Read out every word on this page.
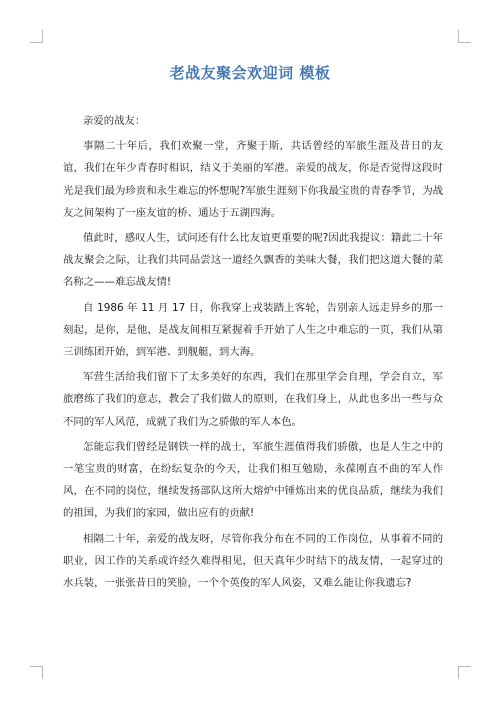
老战友聚会欢迎词 模板

亲爱的战友：

事隔二十年后，我们欢聚一堂，齐聚于斯，共话曾经的军旅生涯及昔日的友谊，我们在年少青春时相识，结义于美丽的军港。亲爱的战友，你是否觉得这段时光是我们最为珍贵和永生难忘的怀想呢?军旅生涯刻下你我最宝贵的青春季节，为战友之间架构了一座友谊的桥、通达于五湖四海。

值此时，感叹人生，试问还有什么比友谊更重要的呢?因此我提议：籍此二十年战友聚会之际，让我们共同品尝这一道经久飘香的美味大餐，我们把这道大餐的菜名称之——难忘战友情!

自 1986 年 11 月 17 日，你我穿上戎装踏上客轮，告别亲人远走异乡的那一刻起，是你，是他，是战友间相互紧握着手开始了人生之中难忘的一页，我们从第三训练团开始，到军港、到舰艇，到大海。

军营生活给我们留下了太多美好的东西，我们在那里学会自理，学会自立，军旅磨练了我们的意志，教会了我们做人的原则，在我们身上，从此也多出一些与众不同的军人风范，成就了我们为之骄傲的军人本色。

怎能忘我们曾经是钢铁一样的战士，军旅生涯值得我们骄傲，也是人生之中的一笔宝贵的财富，在纷纭复杂的今天，让我们相互勉励，永葆刚直不曲的军人作风，在不同的岗位，继续发扬部队这所大熔炉中锤炼出来的优良品质，继续为我们的祖国，为我们的家园，做出应有的贡献!

相隔二十年，亲爱的战友呀，尽管你我分布在不同的工作岗位，从事着不同的职业，因工作的关系或许经久难得相见，但天真年少时结下的战友情，一起穿过的水兵装，一张张昔日的笑脸，一个个英俊的军人风姿，又难么能让你我遗忘?
